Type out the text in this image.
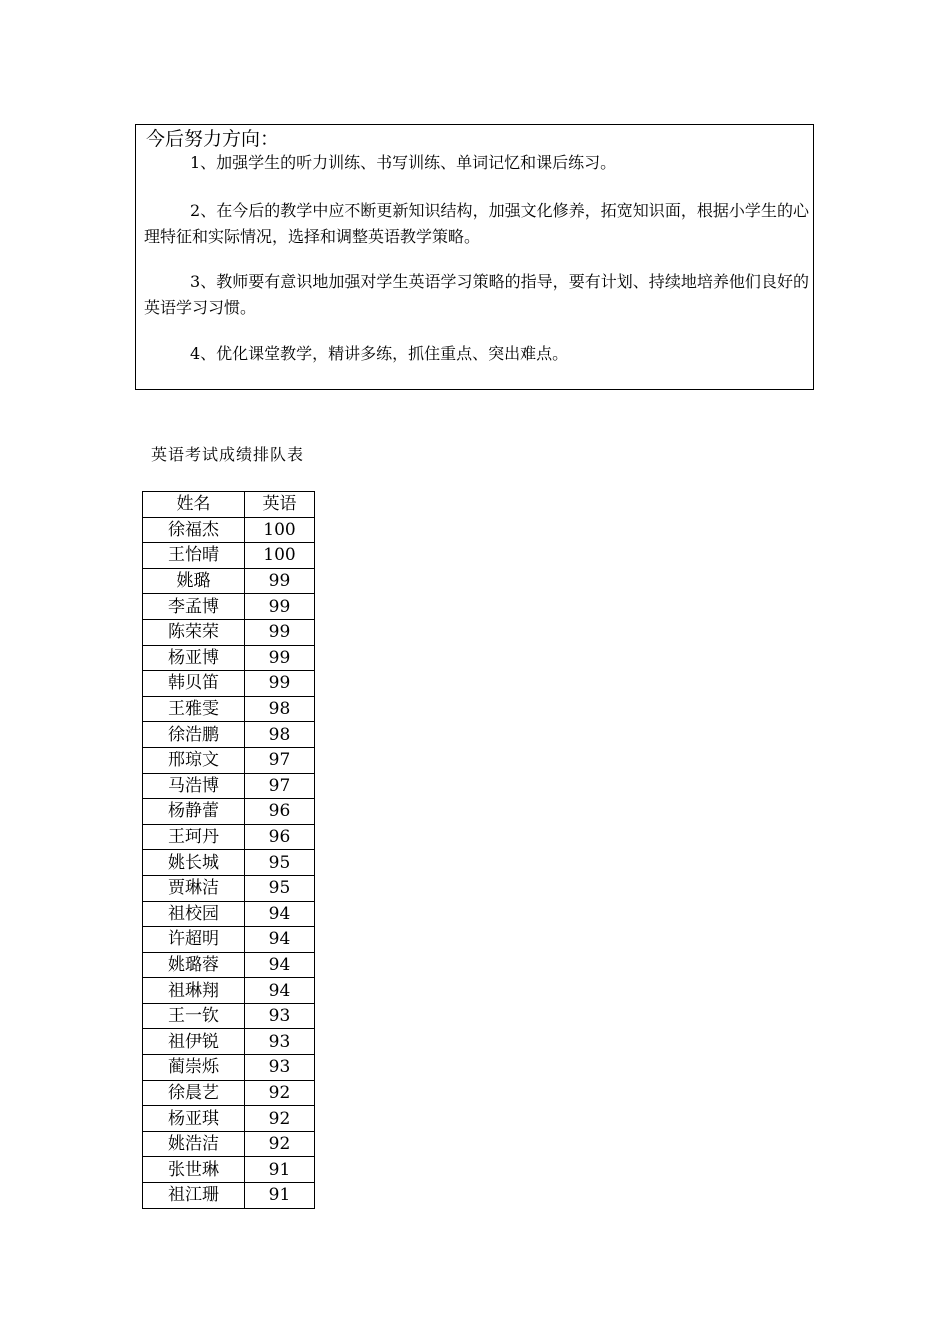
今后努力方向：
1、加强学生的听力训练、书写训练、单词记忆和课后练习。
2、在今后的教学中应不断更新知识结构，加强文化修养，拓宽知识面，根据小学生的心理特征和实际情况，选择和调整英语教学策略。
3、教师要有意识地加强对学生英语学习策略的指导，要有计划、持续地培养他们良好的英语学习习惯。
4、优化课堂教学，精讲多练，抓住重点、突出难点。
英语考试成绩排队表
姓名	英语
徐福杰	100
王怡晴	100
姚璐	99
李孟博	99
陈荣荣	99
杨亚博	99
韩贝笛	99
王雅雯	98
徐浩鹏	98
邢琼文	97
马浩博	97
杨静蕾	96
王珂丹	96
姚长城	95
贾琳洁	95
祖校园	94
许超明	94
姚璐蓉	94
祖琳翔	94
王一钦	93
祖伊锐	93
蔺崇烁	93
徐晨艺	92
杨亚琪	92
姚浩洁	92
张世琳	91
祖江珊	91
